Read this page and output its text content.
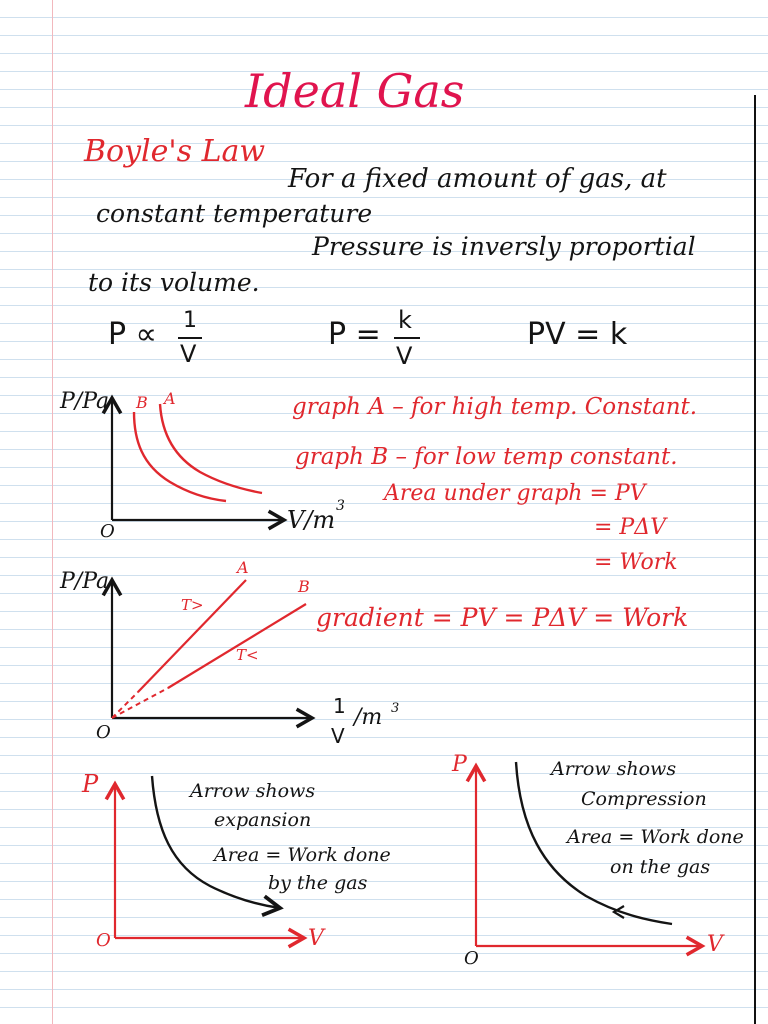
Ideal Gas
Boyle's Law
For a fixed amount of gas, at
constant temperature
Pressure is inversly proportial
to its volume.
P ∝ 1
V
P = k
V
PV = k
P/Pa
V/m 3
O
B A	graph A – for high temp. Constant.
graph B – for low temp constant.
Area under graph = PV
= PΔV
= Work
P/Pa
A
B
T>
T<
O
1
V
/m 3
gradient = PV = PΔV = Work
P
V
O
Arrow shows
expansion
Area = Work done
by the gas
P
V
O
Arrow shows
Compression
Area = Work done
on the gas
